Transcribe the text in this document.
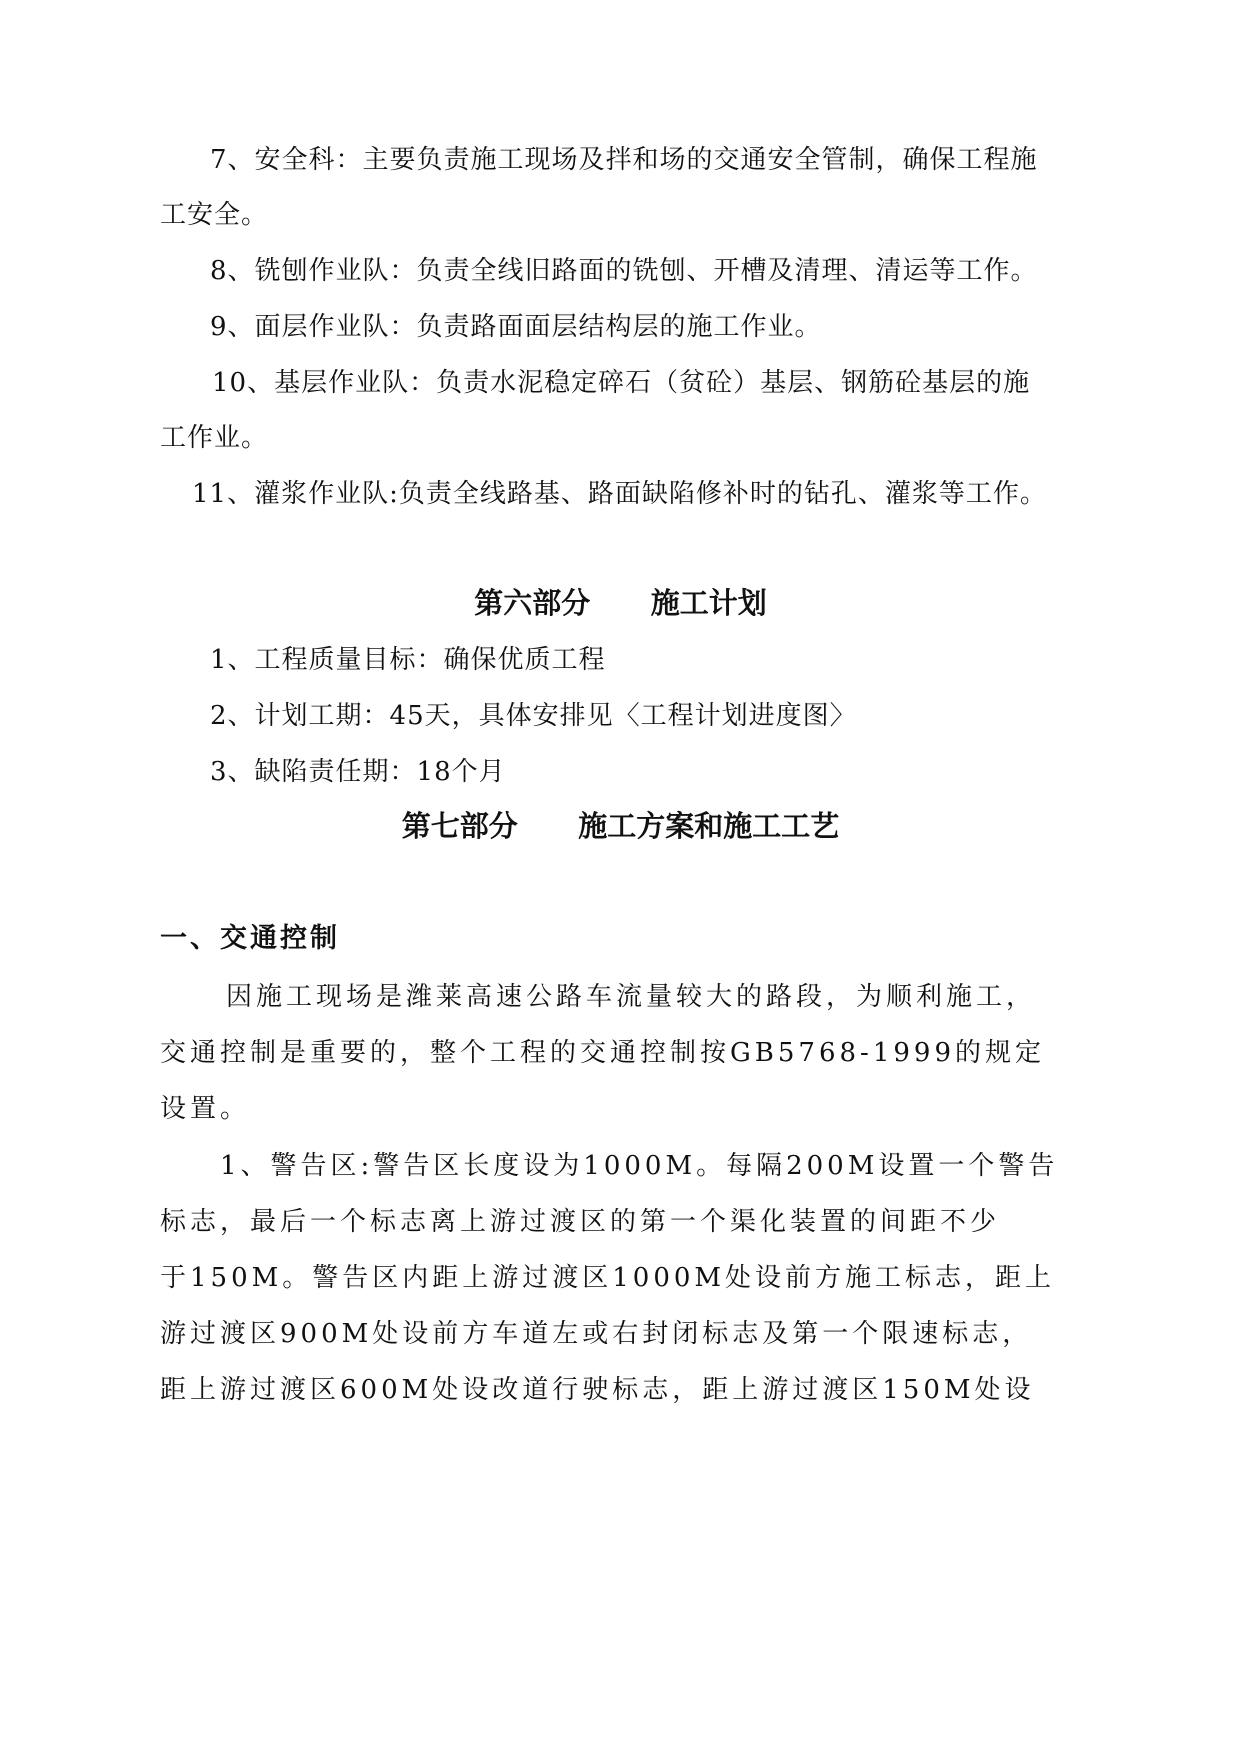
7、安全科：主要负责施工现场及拌和场的交通安全管制，确保工程施
工安全。
8、铣刨作业队：负责全线旧路面的铣刨、开槽及清理、清运等工作。
9、面层作业队：负责路面面层结构层的施工作业。
10、基层作业队：负责水泥稳定碎石（贫砼）基层、钢筋砼基层的施
工作业。
11、灌浆作业队:负责全线路基、路面缺陷修补时的钻孔、灌浆等工作。
第六部分      施工计划
1、工程质量目标：确保优质工程
2、计划工期：45天，具体安排见〈工程计划进度图〉
3、缺陷责任期：18个月
第七部分      施工方案和施工工艺
一、交通控制
因施工现场是潍莱高速公路车流量较大的路段，为顺利施工，
交通控制是重要的，整个工程的交通控制按GB5768-1999的规定
设置。
1、警告区:警告区长度设为1000M。每隔200M设置一个警告
标志，最后一个标志离上游过渡区的第一个渠化装置的间距不少
于150M。警告区内距上游过渡区1000M处设前方施工标志，距上
游过渡区900M处设前方车道左或右封闭标志及第一个限速标志，
距上游过渡区600M处设改道行驶标志，距上游过渡区150M处设
